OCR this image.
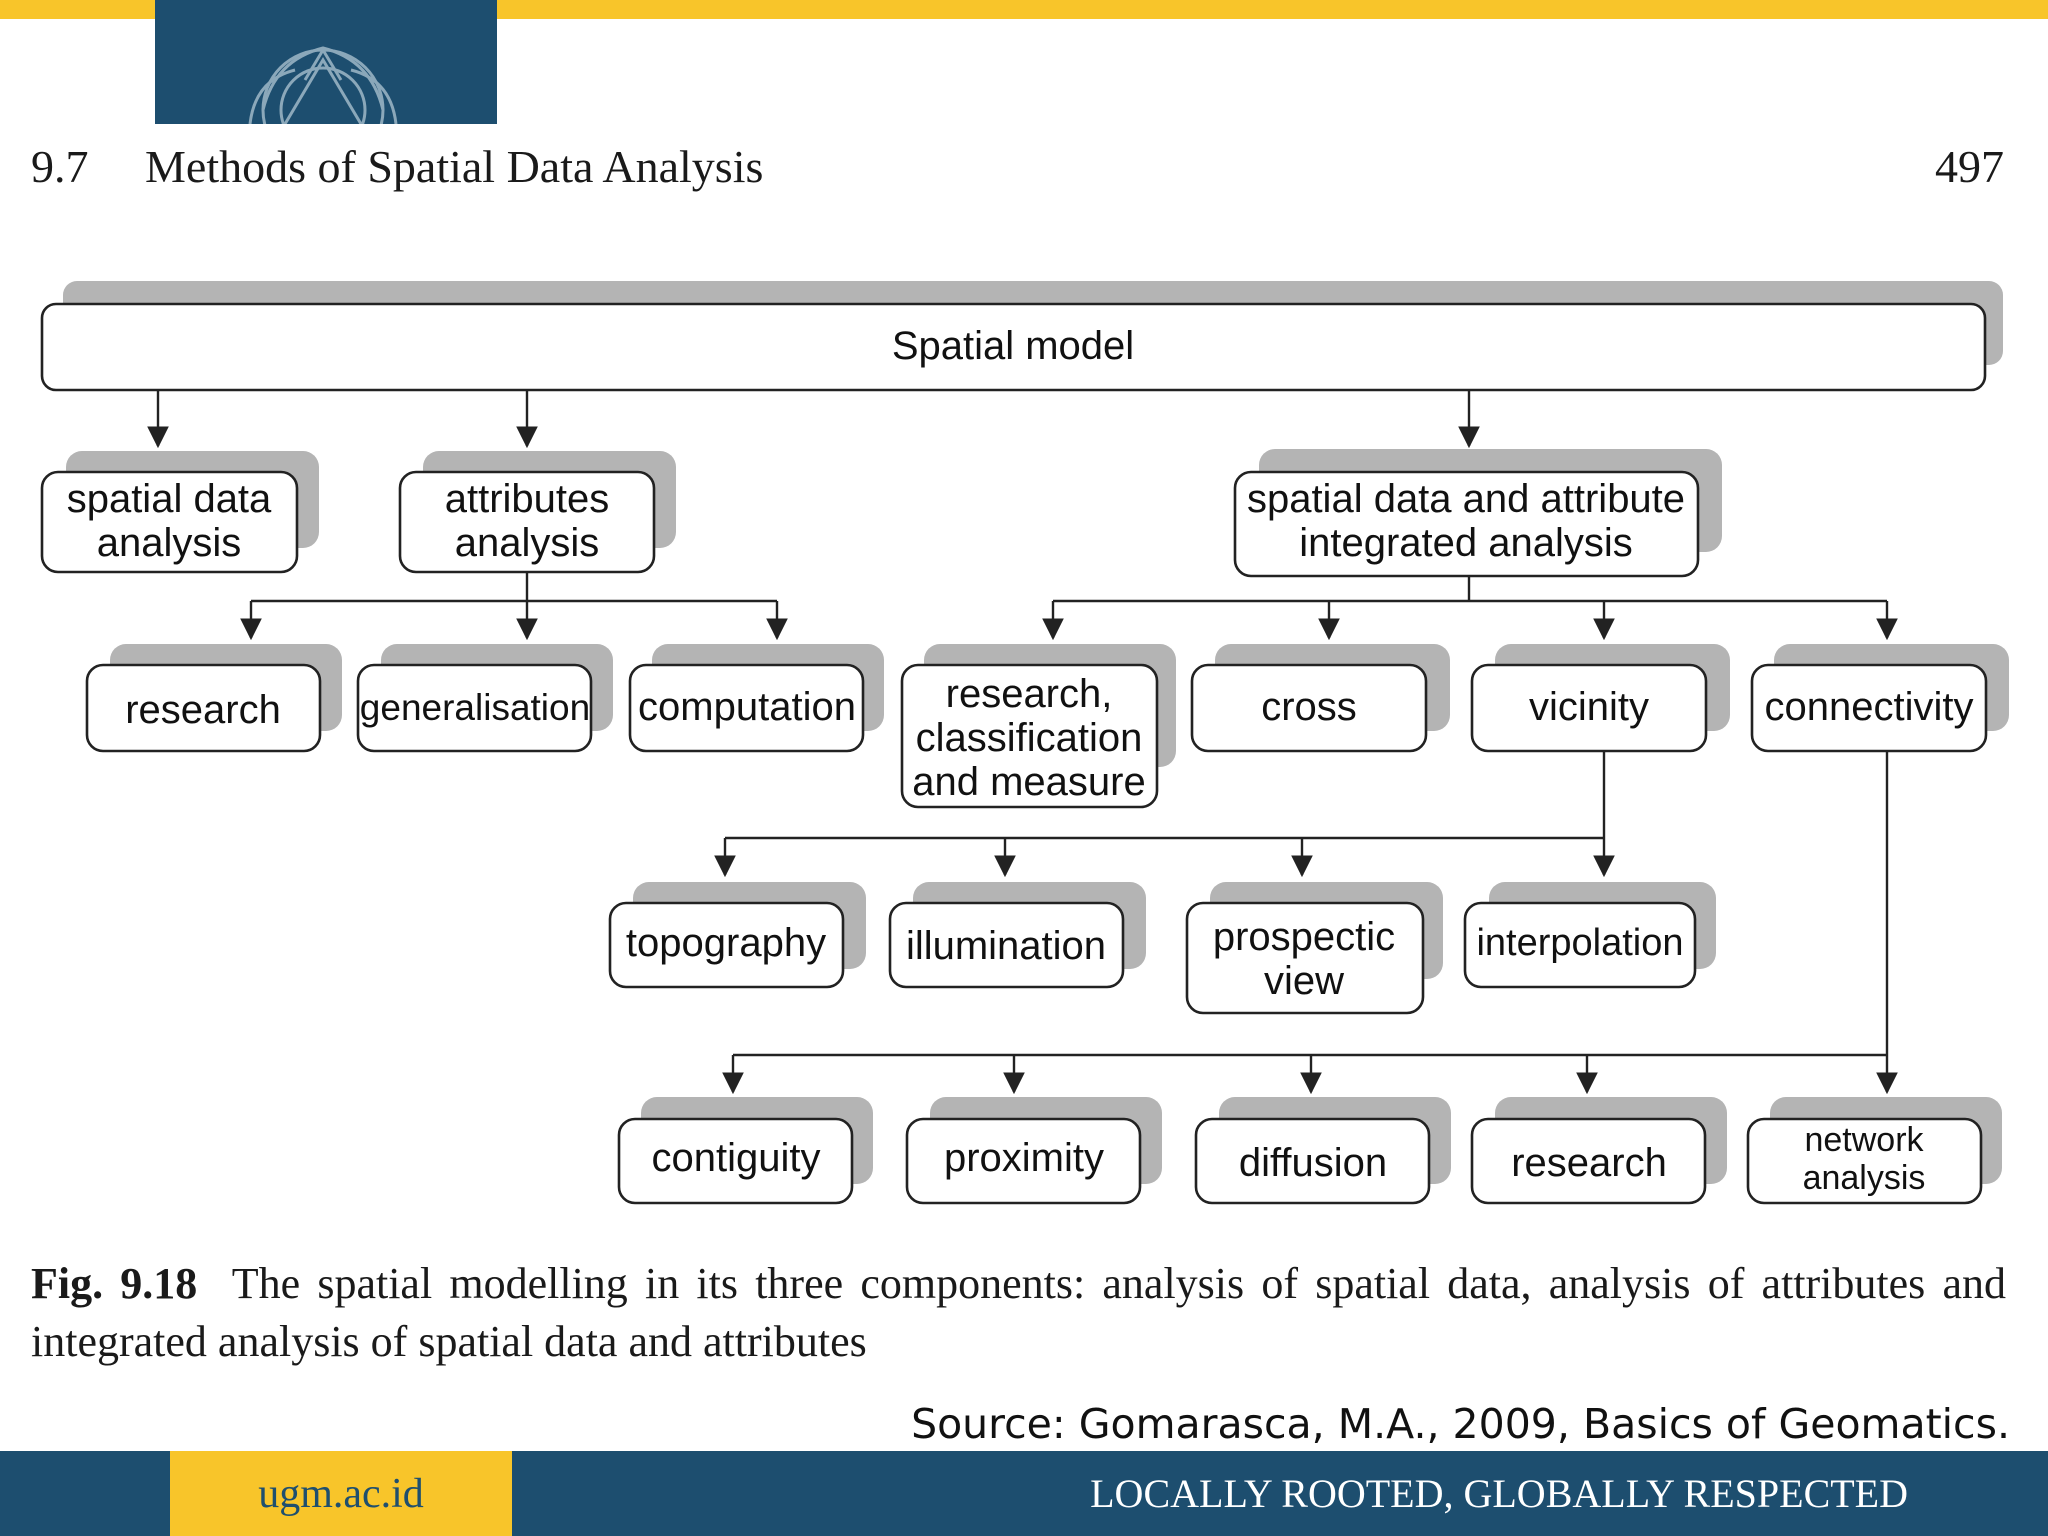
9.7 Methods of Spatial Data Analysis	497
Spatial model
spatial data
analysis
attributes
analysis
spatial data and attribute
integrated analysis
research generalisation computation research,
classification
and measure
cross	vicinity	connectivity
topography illumination	prospectic
view
interpolation
contiguity	proximity	diffusion	research
network
analysis
Fig. 9.18 The spatial modelling in its three components: analysis of spatial data, analysis of attributes and integrated analysis of spatial data and attributes
Source: Gomarasca, M.A., 2009, Basics of Geomatics.
ugm.ac.id	LOCALLY ROOTED, GLOBALLY RESPECTED
